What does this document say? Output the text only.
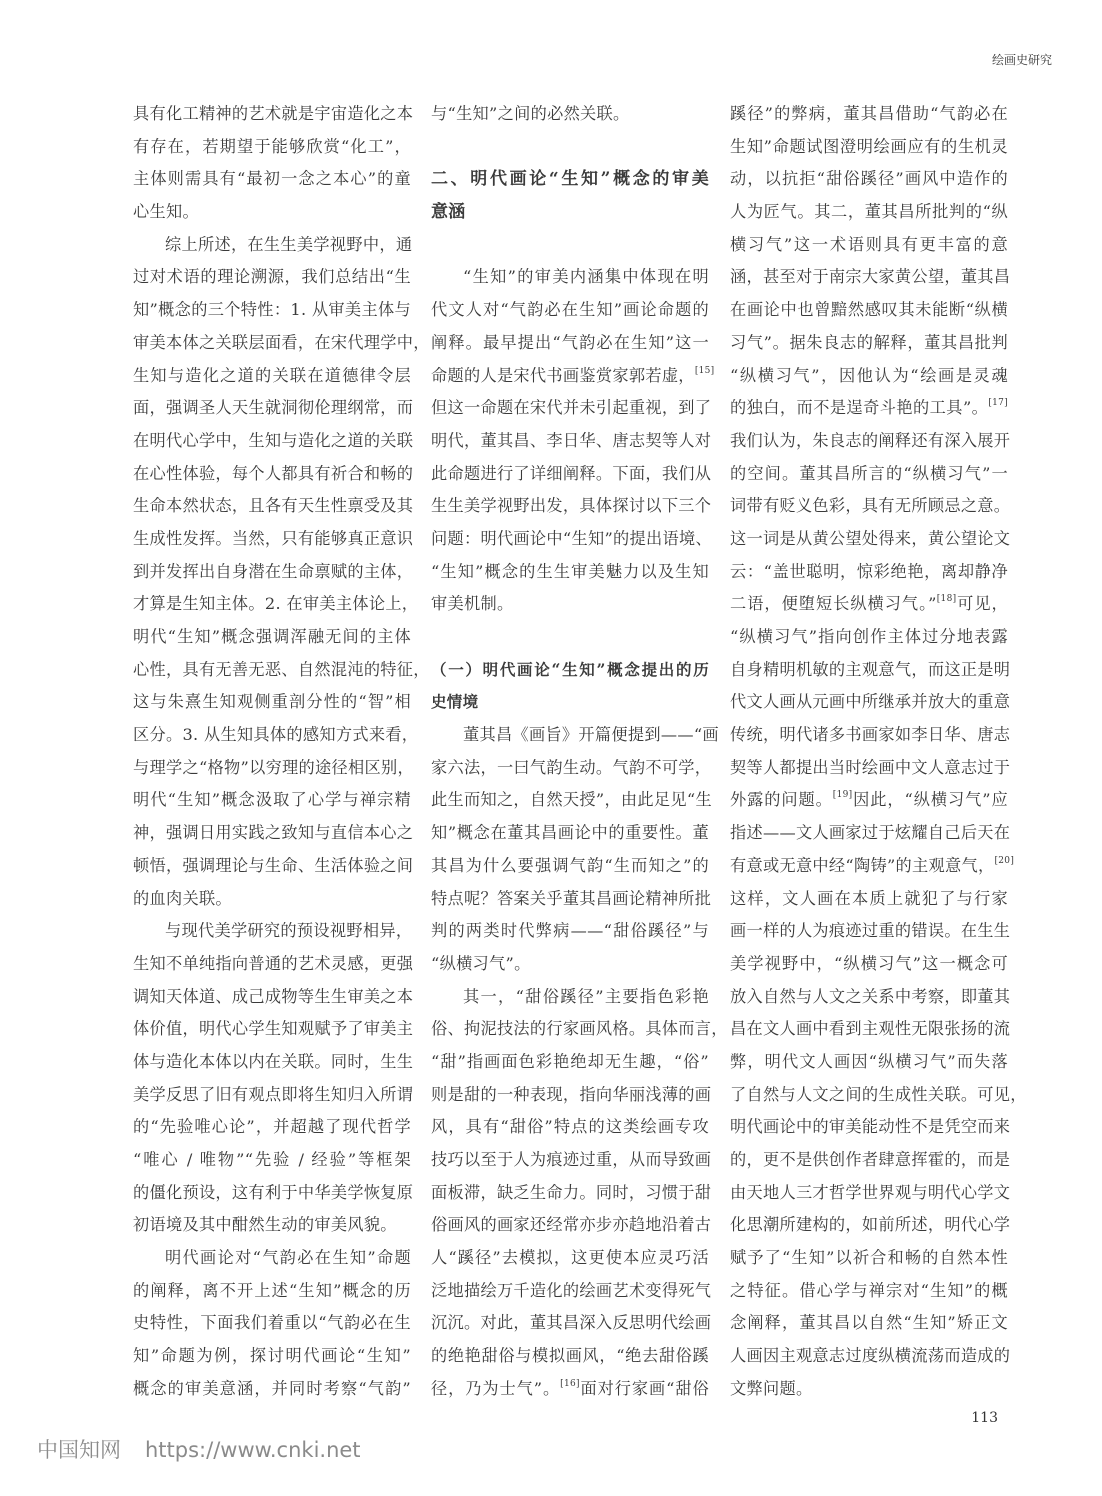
绘画史研究
具有化工精神的艺术就是宇宙造化之本
有存在，若期望于能够欣赏“化工”，
主体则需具有“最初一念之本心”的童
心生知。
综上所述，在生生美学视野中，通
过对术语的理论溯源，我们总结出“生
知”概念的三个特性：1. 从审美主体与
审美本体之关联层面看，在宋代理学中，
生知与造化之道的关联在道德律令层
面，强调圣人天生就洞彻伦理纲常，而
在明代心学中，生知与造化之道的关联
在心性体验，每个人都具有祈合和畅的
生命本然状态，且各有天生性禀受及其
生成性发挥。当然，只有能够真正意识
到并发挥出自身潜在生命禀赋的主体，
才算是生知主体。2. 在审美主体论上，
明代“生知”概念强调浑融无间的主体
心性，具有无善无恶、自然混沌的特征，
这与朱熹生知观侧重剖分性的“智”相
区分。3. 从生知具体的感知方式来看，
与理学之“格物”以穷理的途径相区别，
明代“生知”概念汲取了心学与禅宗精
神，强调日用实践之致知与直信本心之
顿悟，强调理论与生命、生活体验之间
的血肉关联。
与现代美学研究的预设视野相异，
生知不单纯指向普通的艺术灵感，更强
调知天体道、成己成物等生生审美之本
体价值，明代心学生知观赋予了审美主
体与造化本体以内在关联。同时，生生
美学反思了旧有观点即将生知归入所谓
的“先验唯心论”，并超越了现代哲学
“唯心 / 唯物”“先验 / 经验”等框架
的僵化预设，这有利于中华美学恢复原
初语境及其中酣然生动的审美风貌。
明代画论对“气韵必在生知”命题
的阐释，离不开上述“生知”概念的历
史特性，下面我们着重以“气韵必在生
知”命题为例，探讨明代画论“生知”
概念的审美意涵，并同时考察“气韵”
与“生知”之间的必然关联。
二、明代画论“生知”概念的审美
意涵
“生知”的审美内涵集中体现在明
代文人对“气韵必在生知”画论命题的
阐释。最早提出“气韵必在生知”这一
命题的人是宋代书画鉴赏家郭若虚，[15]
但这一命题在宋代并未引起重视，到了
明代，董其昌、李日华、唐志契等人对
此命题进行了详细阐释。下面，我们从
生生美学视野出发，具体探讨以下三个
问题：明代画论中“生知”的提出语境、
“生知”概念的生生审美魅力以及生知
审美机制。
（一）明代画论“生知”概念提出的历
史情境
董其昌《画旨》开篇便提到——“画
家六法，一曰气韵生动。气韵不可学，
此生而知之，自然天授”，由此足见“生
知”概念在董其昌画论中的重要性。董
其昌为什么要强调气韵“生而知之”的
特点呢？答案关乎董其昌画论精神所批
判的两类时代弊病——“甜俗蹊径”与
“纵横习气”。
其一，“甜俗蹊径”主要指色彩艳
俗、拘泥技法的行家画风格。具体而言，
“甜”指画面色彩艳绝却无生趣，“俗”
则是甜的一种表现，指向华丽浅薄的画
风，具有“甜俗”特点的这类绘画专攻
技巧以至于人为痕迹过重，从而导致画
面板滞，缺乏生命力。同时，习惯于甜
俗画风的画家还经常亦步亦趋地沿着古
人“蹊径”去模拟，这更使本应灵巧活
泛地描绘万千造化的绘画艺术变得死气
沉沉。对此，董其昌深入反思明代绘画
的绝艳甜俗与模拟画风，“绝去甜俗蹊
径，乃为士气”。[16]面对行家画“甜俗
蹊径”的弊病，董其昌借助“气韵必在
生知”命题试图澄明绘画应有的生机灵
动，以抗拒“甜俗蹊径”画风中造作的
人为匠气。其二，董其昌所批判的“纵
横习气”这一术语则具有更丰富的意
涵，甚至对于南宗大家黄公望，董其昌
在画论中也曾黯然感叹其未能断“纵横
习气”。据朱良志的解释，董其昌批判
“纵横习气”，因他认为“绘画是灵魂
的独白，而不是逞奇斗艳的工具”。[17]
我们认为，朱良志的阐释还有深入展开
的空间。董其昌所言的“纵横习气”一
词带有贬义色彩，具有无所顾忌之意。
这一词是从黄公望处得来，黄公望论文
云：“盖世聪明，惊彩绝艳，离却静净
二语，便堕短长纵横习气。”[18]可见，
“纵横习气”指向创作主体过分地表露
自身精明机敏的主观意气，而这正是明
代文人画从元画中所继承并放大的重意
传统，明代诸多书画家如李日华、唐志
契等人都提出当时绘画中文人意志过于
外露的问题。[19]因此，“纵横习气”应
指述——文人画家过于炫耀自己后天在
有意或无意中经“陶铸”的主观意气，[20]
这样，文人画在本质上就犯了与行家
画一样的人为痕迹过重的错误。在生生
美学视野中，“纵横习气”这一概念可
放入自然与人文之关系中考察，即董其
昌在文人画中看到主观性无限张扬的流
弊，明代文人画因“纵横习气”而失落
了自然与人文之间的生成性关联。可见，
明代画论中的审美能动性不是凭空而来
的，更不是供创作者肆意挥霍的，而是
由天地人三才哲学世界观与明代心学文
化思潮所建构的，如前所述，明代心学
赋予了“生知”以祈合和畅的自然本性
之特征。借心学与禅宗对“生知”的概
念阐释，董其昌以自然“生知”矫正文
人画因主观意志过度纵横流荡而造成的
文弊问题。
113
中国知网 https://www.cnki.net
